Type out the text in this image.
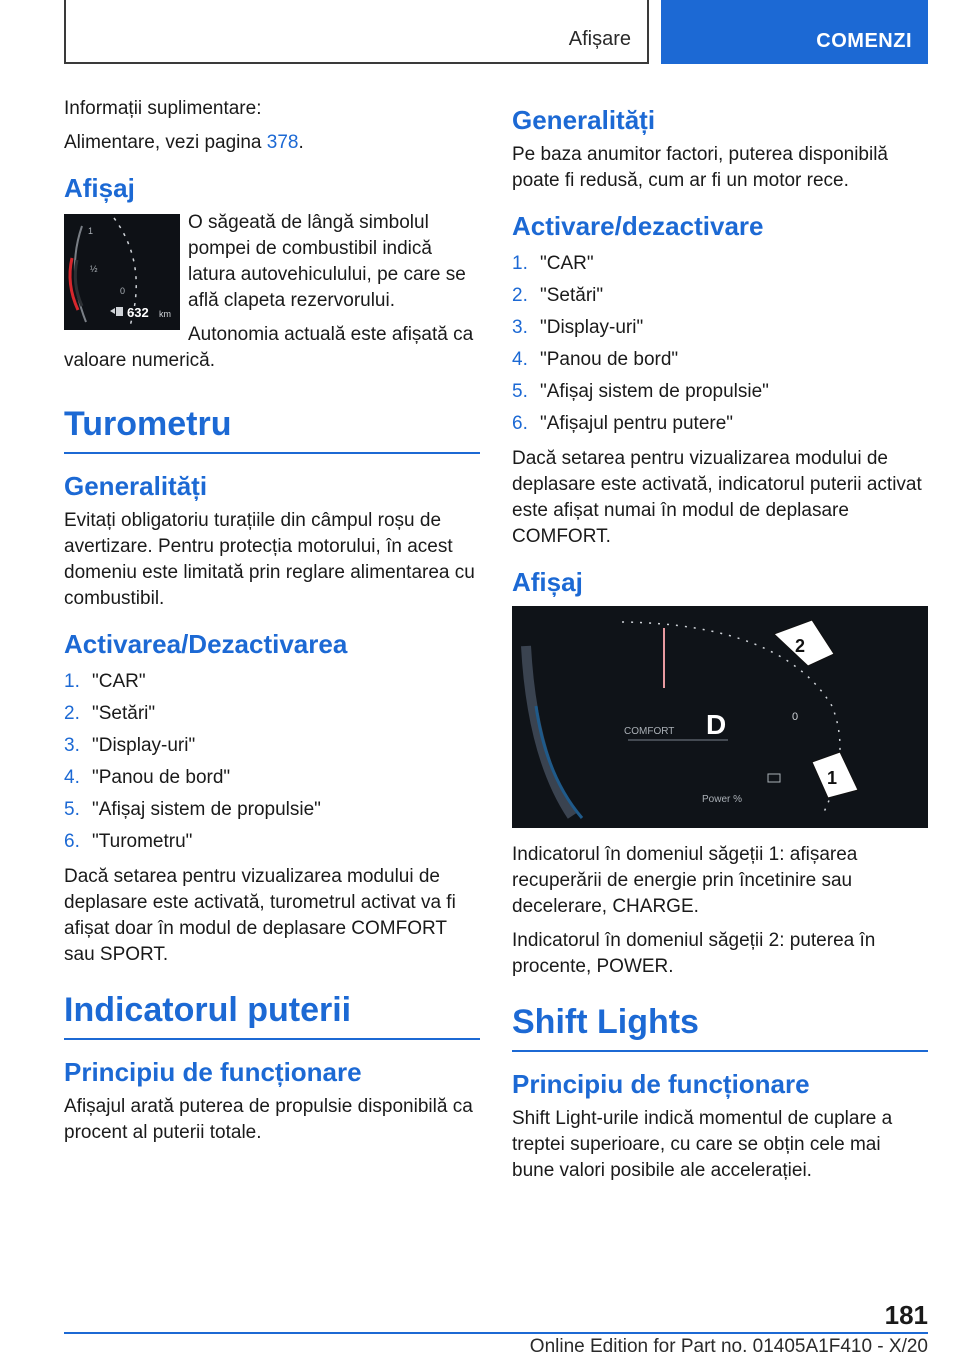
Afișare	COMENZI

Informații suplimentare:

Alimentare, vezi pagina 378.

Afișaj
1
½
0
632 km

O săgeată de lângă simbolul pompei de combustibil indică latura autovehiculului, pe care se află clapeta rezervorului.

Autonomia actuală este afișată ca valoare numerică.

Turometru
Generalități

Evitați obligatoriu turațiile din câmpul roșu de avertizare. Pentru protecția motorului, în acest domeniu este limitată prin reglare alimentarea cu combustibil.

Activarea/Dezactivarea
1. "CAR"
2. "Setări"
3. "Display-uri"
4. "Panou de bord"
5. "Afișaj sistem de propulsie"
6. "Turometru"

Dacă setarea pentru vizualizarea modului de deplasare este activată, turometrul activat va fi afișat doar în modul de deplasare COMFORT sau SPORT.

Indicatorul puterii
Principiu de funcționare

Afișajul arată puterea de propulsie disponibilă ca procent al puterii totale.

Generalități

Pe baza anumitor factori, puterea disponibilă poate fi redusă, cum ar fi un motor rece.

Activare/dezactivare
1. "CAR"
2. "Setări"
3. "Display-uri"
4. "Panou de bord"
5. "Afișaj sistem de propulsie"
6. "Afișajul pentru putere"

Dacă setarea pentru vizualizarea modului de deplasare este activată, indicatorul puterii activat este afișat numai în modul de deplasare COMFORT.

Afișaj
COMFORT D	0
Power %
2
1

Indicatorul în domeniul săgeții 1: afișarea recuperării de energie prin încetinire sau decelerare, CHARGE.

Indicatorul în domeniul săgeții 2: puterea în procente, POWER.

Shift Lights
Principiu de funcționare

Shift Light-urile indică momentul de cuplare a treptei superioare, cu care se obțin cele mai bune valori posibile ale accelerației.

181
Online Edition for Part no. 01405A1F410 - X/20
